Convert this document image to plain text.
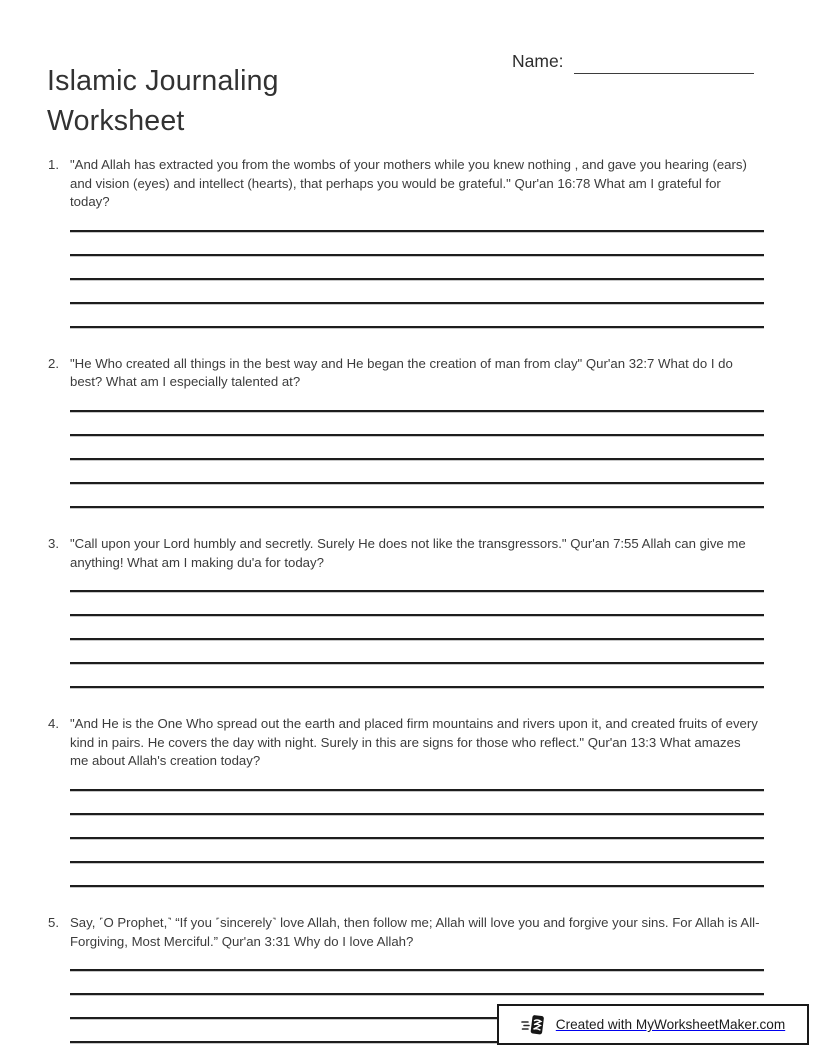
Islamic Journaling Worksheet
Name:
1. "And Allah has extracted you from the wombs of your mothers while you knew nothing , and gave you hearing (ears) and vision (eyes) and intellect (hearts), that perhaps you would be grateful." Qur'an 16:78 What am I grateful for today?
2. "He Who created all things in the best way and He began the creation of man from clay" Qur'an 32:7 What do I do best? What am I especially talented at?
3. "Call upon your Lord humbly and secretly. Surely He does not like the transgressors." Qur'an 7:55 Allah can give me anything! What am I making du'a for today?
4. "And He is the One Who spread out the earth and placed firm mountains and rivers upon it, and created fruits of every kind in pairs. He covers the day with night. Surely in this are signs for those who reflect." Qur'an 13:3 What amazes me about Allah's creation today?
5. Say, ˹O Prophet,˺ “If you ˹sincerely˺ love Allah, then follow me; Allah will love you and forgive your sins. For Allah is All-Forgiving, Most Merciful.” Qur'an 3:31 Why do I love Allah?
Created with MyWorksheetMaker.com
